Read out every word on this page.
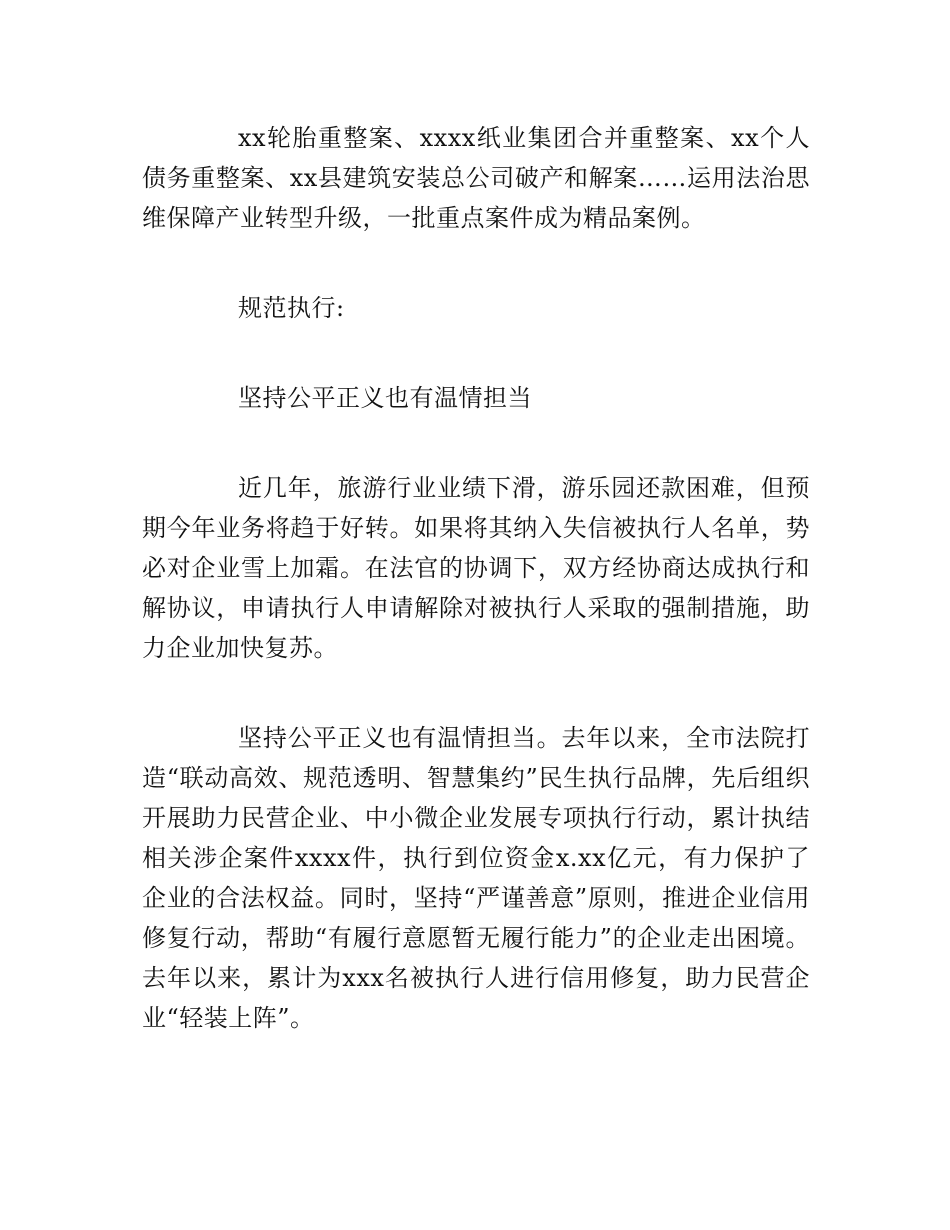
xx轮胎重整案、xxxx纸业集团合并重整案、xx个人债务重整案、xx县建筑安装总公司破产和解案……运用法治思维保障产业转型升级，一批重点案件成为精品案例。

规范执行:

坚持公平正义也有温情担当

近几年，旅游行业业绩下滑，游乐园还款困难，但预期今年业务将趋于好转。如果将其纳入失信被执行人名单，势必对企业雪上加霜。在法官的协调下，双方经协商达成执行和解协议，申请执行人申请解除对被执行人采取的强制措施，助力企业加快复苏。

坚持公平正义也有温情担当。去年以来，全市法院打造“联动高效、规范透明、智慧集约”民生执行品牌，先后组织开展助力民营企业、中小微企业发展专项执行行动，累计执结相关涉企案件xxxx件，执行到位资金x.xx亿元，有力保护了企业的合法权益。同时，坚持“严谨善意”原则，推进企业信用修复行动，帮助“有履行意愿暂无履行能力”的企业走出困境。去年以来，累计为xxx名被执行人进行信用修复，助力民营企业“轻装上阵”。
